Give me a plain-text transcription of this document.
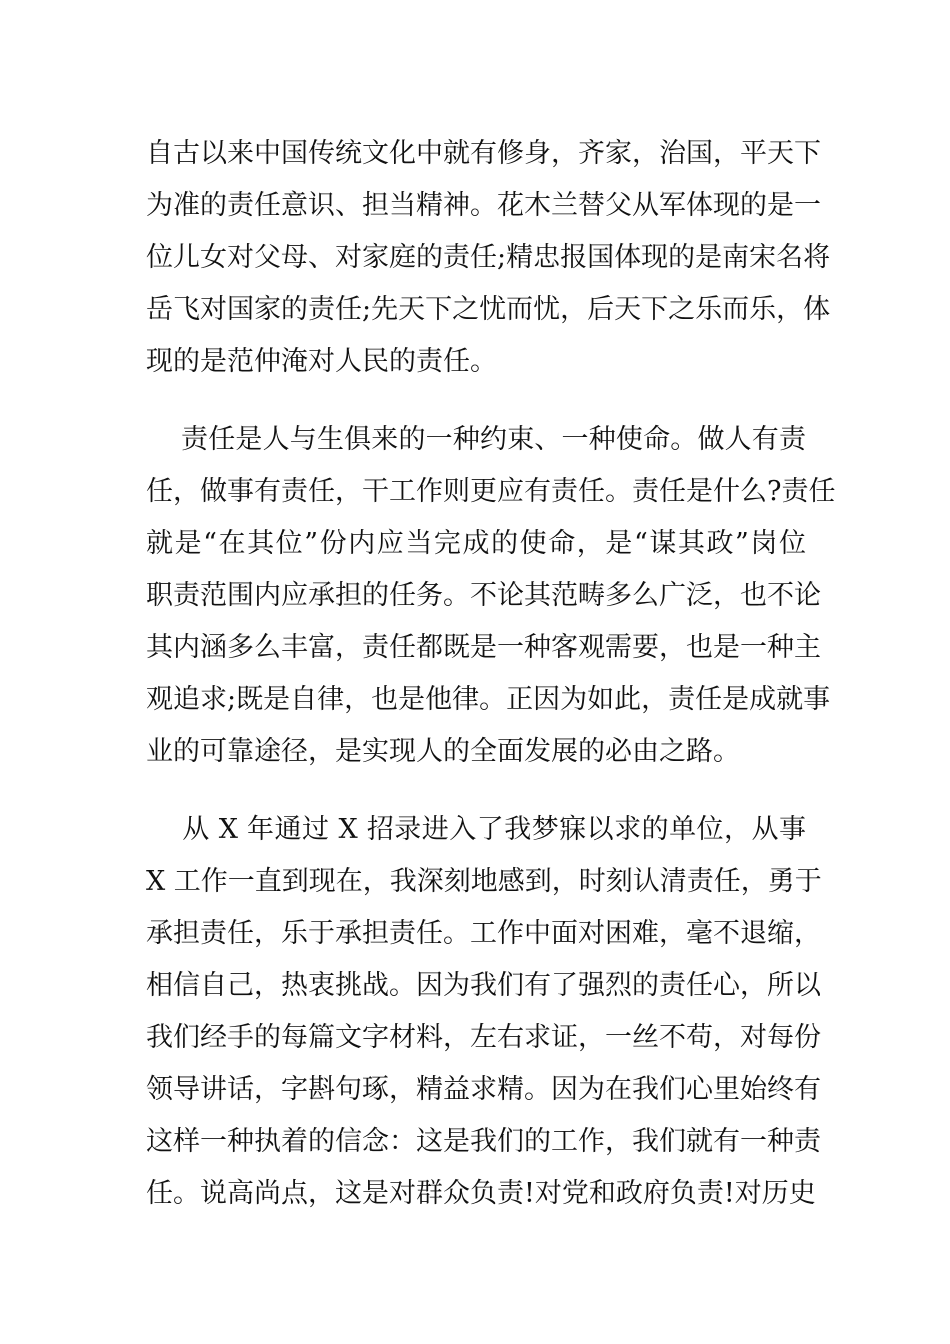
自古以来中国传统文化中就有修身，齐家，治国，平天下
为准的责任意识、担当精神。花木兰替父从军体现的是一
位儿女对父母、对家庭的责任;精忠报国体现的是南宋名将
岳飞对国家的责任;先天下之忧而忧，后天下之乐而乐，体
现的是范仲淹对人民的责任。
责任是人与生俱来的一种约束、一种使命。做人有责
任，做事有责任，干工作则更应有责任。责任是什么?责任
就是“在其位”份内应当完成的使命，是“谋其政”岗位
职责范围内应承担的任务。不论其范畴多么广泛，也不论
其内涵多么丰富，责任都既是一种客观需要，也是一种主
观追求;既是自律，也是他律。正因为如此，责任是成就事
业的可靠途径，是实现人的全面发展的必由之路。
从 X 年通过 X 招录进入了我梦寐以求的单位，从事
X 工作一直到现在，我深刻地感到，时刻认清责任，勇于
承担责任，乐于承担责任。工作中面对困难，毫不退缩，
相信自己，热衷挑战。因为我们有了强烈的责任心，所以
我们经手的每篇文字材料，左右求证，一丝不苟，对每份
领导讲话，字斟句琢，精益求精。因为在我们心里始终有
这样一种执着的信念：这是我们的工作，我们就有一种责
任。说高尚点，这是对群众负责!对党和政府负责!对历史
